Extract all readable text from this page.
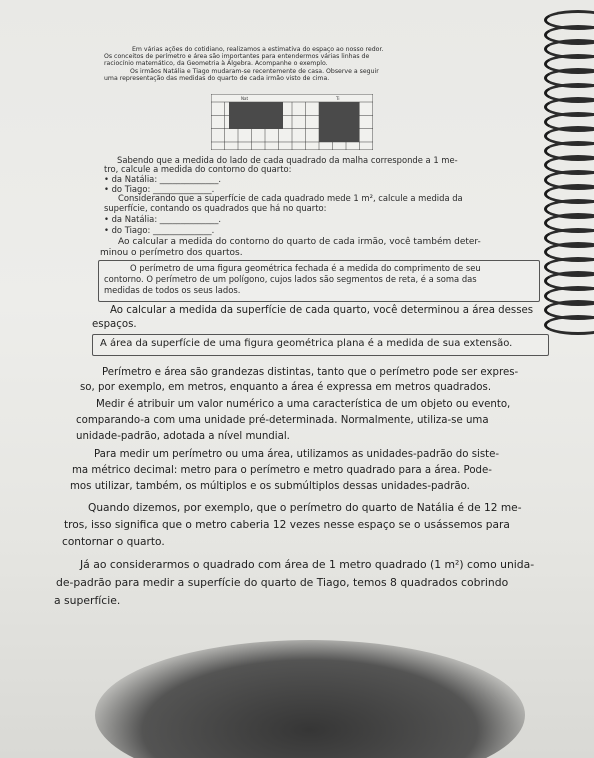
Em várias ações do cotidiano, realizamos a estimativa do espaço ao nosso redor.
Os conceitos de perímetro e área são importantes para entendermos várias linhas de
raciocínio matemático, da Geometria à Álgebra. Acompanhe o exemplo.
Os irmãos Natália e Tiago mudaram-se recentemente de casa. Observe a seguir
uma representação das medidas do quarto de cada irmão visto de cima.
Nat	Ti
Sabendo que a medida do lado de cada quadrado da malha corresponde a 1 me-
tro, calcule a medida do contorno do quarto:
• da Natália: ______________.
• do Tiago: ______________.
Considerando que a superfície de cada quadrado mede 1 m², calcule a medida da
superfície, contando os quadrados que há no quarto:
• da Natália: ______________.
• do Tiago: ______________.
Ao calcular a medida do contorno do quarto de cada irmão, você também deter-
minou o perímetro dos quartos.
O perímetro de uma figura geométrica fechada é a medida do comprimento de seu
contorno. O perímetro de um polígono, cujos lados são segmentos de reta, é a soma das
medidas de todos os seus lados.
Ao calcular a medida da superfície de cada quarto, você determinou a área desses
espaços.
A área da superfície de uma figura geométrica plana é a medida de sua extensão.
Perímetro e área são grandezas distintas, tanto que o perímetro pode ser expres-
so, por exemplo, em metros, enquanto a área é expressa em metros quadrados.
Medir é atribuir um valor numérico a uma característica de um objeto ou evento,
comparando-a com uma unidade pré-determinada. Normalmente, utiliza-se uma
unidade-padrão, adotada a nível mundial.
Para medir um perímetro ou uma área, utilizamos as unidades-padrão do siste-
ma métrico decimal: metro para o perímetro e metro quadrado para a área. Pode-
mos utilizar, também, os múltiplos e os submúltiplos dessas unidades-padrão.
Quando dizemos, por exemplo, que o perímetro do quarto de Natália é de 12 me-
tros, isso significa que o metro caberia 12 vezes nesse espaço se o usássemos para
contornar o quarto.
Já ao considerarmos o quadrado com área de 1 metro quadrado (1 m²) como unida-
de-padrão para medir a superfície do quarto de Tiago, temos 8 quadrados cobrindo
a superfície.
